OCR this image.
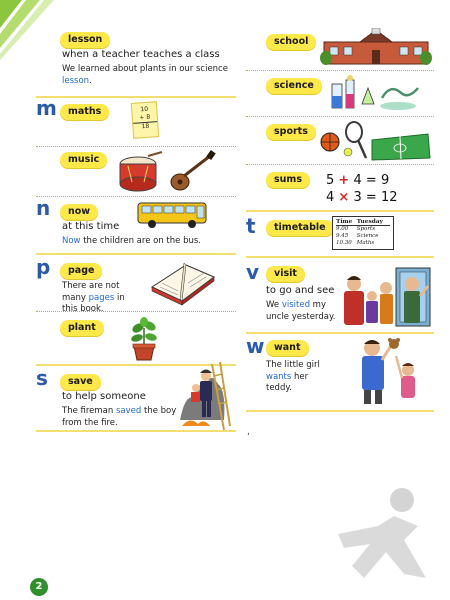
lesson
when a teacher teaches a class
We learned about plants in our science lesson.
m	maths	10
+ 8
18
music
n	now
at this time
Now the children are on the bus.
p	page
There are not many pages in this book.
plant
s	save
to help someone
The fireman saved the boy from the fire.
school
science
sports
sums	5 + 4 = 9
4 × 3 = 12
t	timetable	Time	Tuesday
9.00	Sports
9.45	Science
10.30	Maths
v	visit
to go and see
We visited my uncle yesterday.
w	want
The little girl wants her teddy.
ʻ
2
